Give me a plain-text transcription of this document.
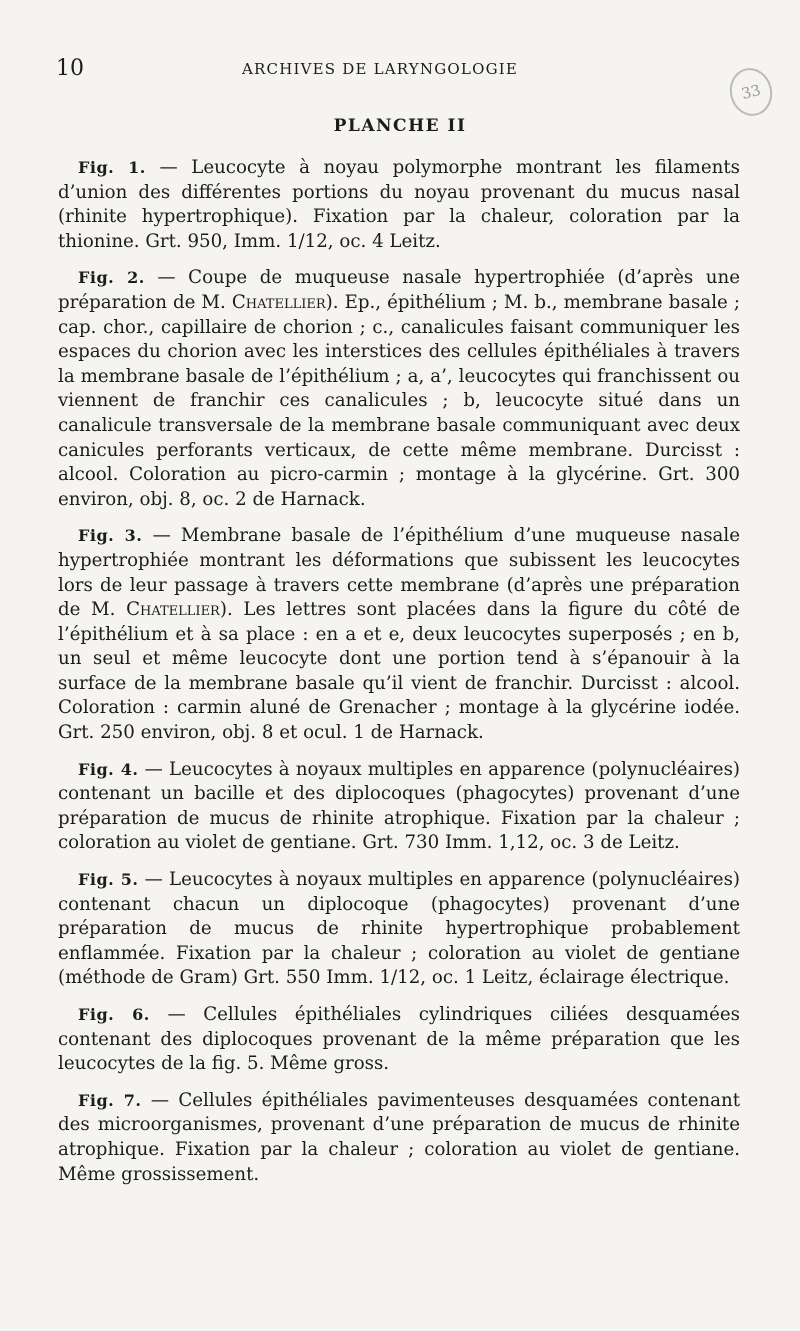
10	ARCHIVES DE LARYNGOLOGIE
33
PLANCHE II

Fig. 1. — Leucocyte à noyau polymorphe montrant les filaments d’union des différentes portions du noyau provenant du mucus nasal (rhinite hypertrophique). Fixation par la chaleur, coloration par la thionine. Grt. 950, Imm. 1/12, oc. 4 Leitz.

Fig. 2. — Coupe de muqueuse nasale hypertrophiée (d’après une préparation de M. Chatellier). Ep., épithélium ; M. b., membrane basale ; cap. chor., capillaire de chorion ; c., canalicules faisant communiquer les espaces du chorion avec les interstices des cellules épithéliales à travers la membrane basale de l’épithélium ; a, a’, leucocytes qui franchissent ou viennent de franchir ces canalicules ; b, leucocyte situé dans un canalicule transversale de la membrane basale communiquant avec deux canicules perforants verticaux, de cette même membrane. Durcisst : alcool. Coloration au picro-carmin ; montage à la glycérine. Grt. 300 environ, obj. 8, oc. 2 de Harnack.

Fig. 3. — Membrane basale de l’épithélium d’une muqueuse nasale hypertrophiée montrant les déformations que subissent les leucocytes lors de leur passage à travers cette membrane (d’après une préparation de M. Chatellier). Les lettres sont placées dans la figure du côté de l’épithélium et à sa place : en a et e, deux leucocytes superposés ; en b, un seul et même leucocyte dont une portion tend à s’épanouir à la surface de la membrane basale qu’il vient de franchir. Durcisst : alcool. Coloration : carmin aluné de Grenacher ; montage à la glycérine iodée. Grt. 250 environ, obj. 8 et ocul. 1 de Harnack.

Fig. 4. — Leucocytes à noyaux multiples en apparence (polynucléaires) contenant un bacille et des diplocoques (phagocytes) provenant d’une préparation de mucus de rhinite atrophique. Fixation par la chaleur ; coloration au violet de gentiane. Grt. 730 Imm. 1,12, oc. 3 de Leitz.

Fig. 5. — Leucocytes à noyaux multiples en apparence (polynucléaires) contenant chacun un diplocoque (phagocytes) provenant d’une préparation de mucus de rhinite hypertrophique probablement enflammée. Fixation par la chaleur ; coloration au violet de gentiane (méthode de Gram) Grt. 550 Imm. 1/12, oc. 1 Leitz, éclairage électrique.

Fig. 6. — Cellules épithéliales cylindriques ciliées desquamées contenant des diplocoques provenant de la même préparation que les leucocytes de la fig. 5. Même gross.

Fig. 7. — Cellules épithéliales pavimenteuses desquamées contenant des microorganismes, provenant d’une préparation de mucus de rhinite atrophique. Fixation par la chaleur ; coloration au violet de gentiane. Même grossissement.
